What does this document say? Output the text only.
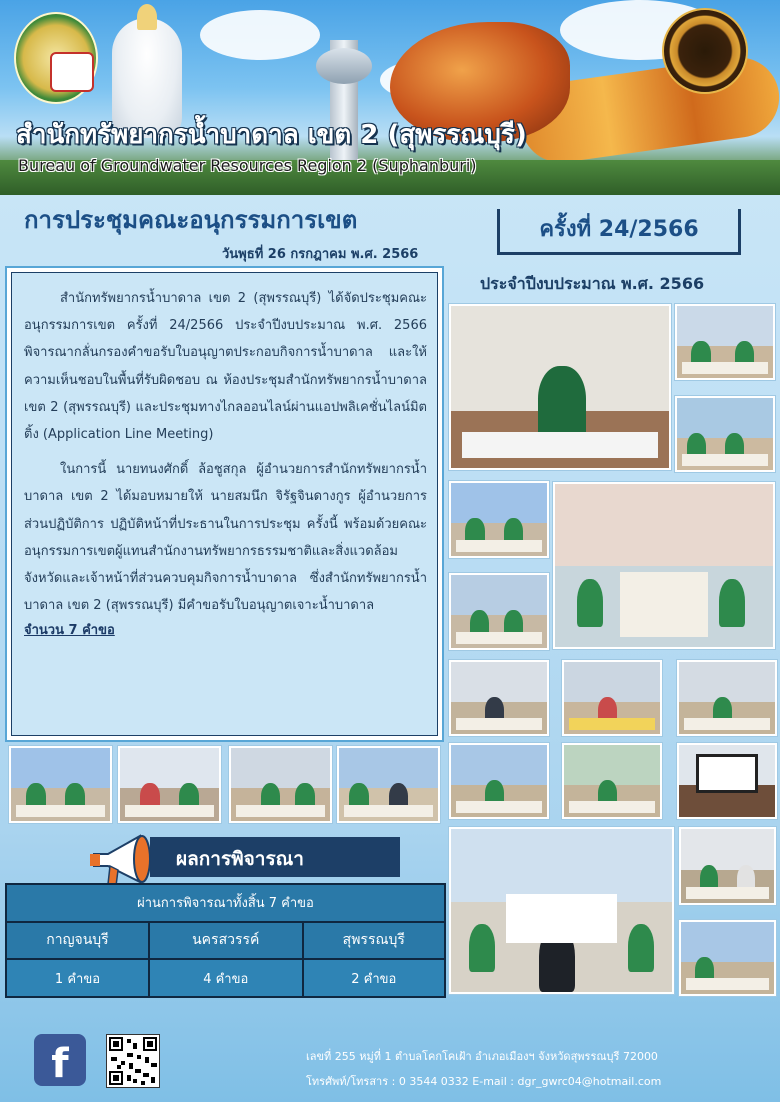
สำนักทรัพยากรน้ำบาดาล เขต 2 (สุพรรณบุรี)
Bureau of Groundwater Resources Region 2 (Suphanburi)
การประชุมคณะอนุกรรมการเขต
วันพุธที่ 26 กรกฎาคม พ.ศ. 2566
ครั้งที่ 24/2566
ประจำปีงบประมาณ พ.ศ. 2566

สำนักทรัพยากรน้ำบาดาล เขต 2 (สุพรรณบุรี) ได้จัดประชุมคณะอนุกรรมการเขต ครั้งที่ 24/2566 ประจำปีงบประมาณ พ.ศ. 2566 พิจารณากลั่นกรองคำขอรับใบอนุญาตประกอบกิจการน้ำบาดาล และให้ความเห็นชอบในพื้นที่รับผิดชอบ ณ ห้องประชุมสำนักทรัพยากรน้ำบาดาล เขต 2 (สุพรรณบุรี) และประชุมทางไกลออนไลน์ผ่านแอปพลิเคชั่นไลน์มิตติ้ง (Application Line Meeting)

ในการนี้ นายทนงศักดิ์ ล้อชูสกุล ผู้อำนวยการสำนักทรัพยากรน้ำบาดาล เขต 2 ได้มอบหมายให้ นายสมนึก จิรัฐจินดางกูร ผู้อำนวยการส่วนปฏิบัติการ ปฏิบัติหน้าที่ประธานในการประชุม ครั้งนี้ พร้อมด้วยคณะอนุกรรมการเขตผู้แทนสำนักงานทรัพยากรธรรมชาติและสิ่งแวดล้อมจังหวัดและเจ้าหน้าที่ส่วนควบคุมกิจการน้ำบาดาล ซึ่งสำนักทรัพยากรน้ำบาดาล เขต 2 (สุพรรณบุรี) มีคำขอรับใบอนุญาตเจาะน้ำบาดาล

จำนวน 7 คำขอ
ผลการพิจารณา
ผ่านการพิจารณาทั้งสิ้น 7 คำขอ		
กาญจนบุรี	นครสวรรค์	สุพรรณบุรี
1 คำขอ	4 คำขอ	2 คำขอ
f	เลขที่ 255 หมู่ที่ 1 ตำบลโคกโคเฝ้า อำเภอเมืองฯ จังหวัดสุพรรณบุรี 72000
โทรศัพท์/โทรสาร : 0 3544 0332 E-mail : dgr_gwrc04@hotmail.com
